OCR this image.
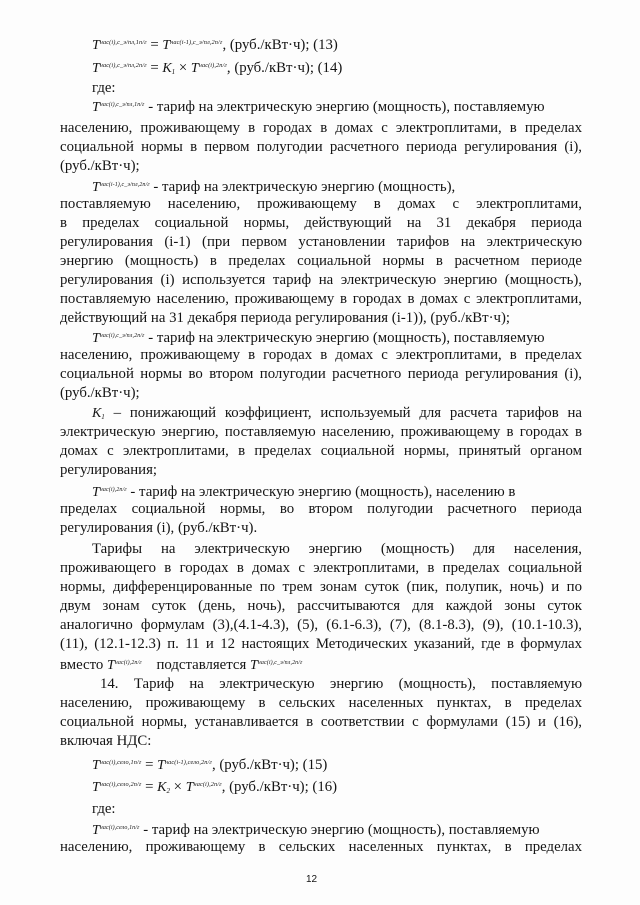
$T^{нас(i),с\_э/пл,1п/г} = T^{нас(i-1),с\_э/пл,2п/г}$, (руб./кВт·ч); (13)
$T^{нас(i),с\_э/пл,2п/г} = К1 \times T^{нас(i),2п/г}$, (руб./кВт·ч); (14)
где:
$T^{нас(i),с\_э/пл,1п/г}$ - тариф на электрическую энергию (мощность), поставляемую
населению, проживающему в городах в домах с электроплитами, в пределах
социальной нормы в первом полугодии расчетного периода регулирования (i),
(руб./кВт·ч);
$T^{нас(i-1),с\_э/пл,2п/г}$ - тариф на электрическую энергию (мощность),
поставляемую населению, проживающему в домах с электроплитами,
в пределах социальной нормы, действующий на 31 декабря периода
регулирования (i-1) (при первом установлении тарифов на электрическую
энергию (мощность) в пределах социальной нормы в расчетном периоде
регулирования (i) используется тариф на электрическую энергию (мощность),
поставляемую населению, проживающему в городах в домах с электроплитами,
действующий на 31 декабря периода регулирования (i-1)), (руб./кВт·ч);
$T^{нас(i),с\_э/пл,2п/г}$ - тариф на электрическую энергию (мощность), поставляемую
населению, проживающему в городах в домах с электроплитами, в пределах
социальной нормы во втором полугодии расчетного периода регулирования (i),
(руб./кВт·ч);
К1 – понижающий коэффициент, используемый для расчета тарифов на
электрическую энергию, поставляемую населению, проживающему в городах в
домах с электроплитами, в пределах социальной нормы, принятый органом
регулирования;
$T^{нас(i),2п/г}$ - тариф на электрическую энергию (мощность), населению в
пределах социальной нормы, во втором полугодии расчетного периода
регулирования (i), (руб./кВт·ч).
Тарифы на электрическую энергию (мощность) для населения,
проживающего в городах в домах с электроплитами, в пределах социальной
нормы, дифференцированные по трем зонам суток (пик, полупик, ночь) и по
двум зонам суток (день, ночь), рассчитываются для каждой зоны суток
аналогично формулам (3),(4.1-4.3), (5), (6.1-6.3), (7), (8.1-8.3), (9), (10.1-10.3),
(11), (12.1-12.3) п. 11 и 12 настоящих Методических указаний, где в формулах
вместо $T^{нас(i),2п/г}$ подставляется $T^{нас(i),с\_э/пл,2п/г}$
14. Тариф на электрическую энергию (мощность), поставляемую
населению, проживающему в сельских населенных пунктах, в пределах
социальной нормы, устанавливается в соответствии с формулами (15) и (16),
включая НДС:
$T^{нас(i),село,1п/г} = T^{нас(i-1),село,2п/г}$, (руб./кВт·ч); (15)
$T^{нас(i),село,2п/г} = К2 \times T^{нас(i),2п/г}$, (руб./кВт·ч); (16)
где:
$T^{нас(i),село,1п/г}$ - тариф на электрическую энергию (мощность), поставляемую
населению, проживающему в сельских населенных пунктах, в пределах
12
